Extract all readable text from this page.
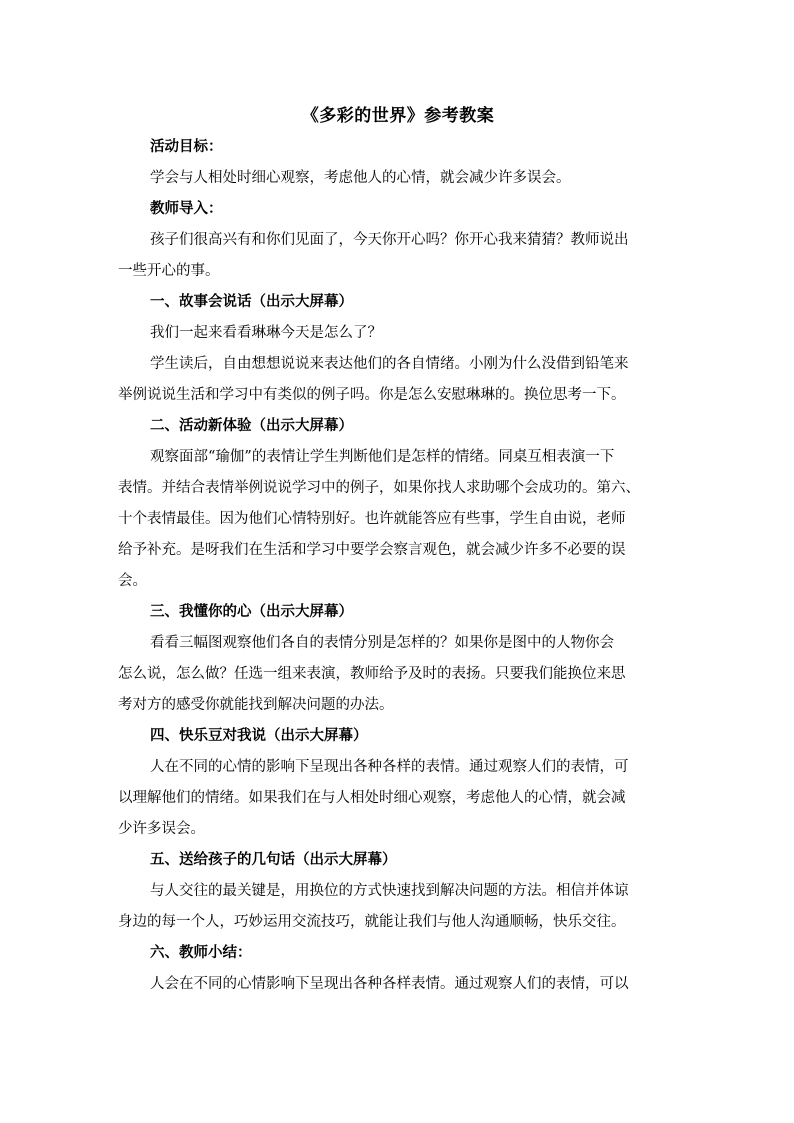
《多彩的世界》参考教案
活动目标：
学会与人相处时细心观察，考虑他人的心情，就会减少许多误会。
教师导入：
孩子们很高兴有和你们见面了，今天你开心吗？你开心我来猜猜？教师说出
一些开心的事。
一、故事会说话（出示大屏幕）
我们一起来看看琳琳今天是怎么了？
学生读后，自由想想说说来表达他们的各自情绪。小刚为什么没借到铅笔来
举例说说生活和学习中有类似的例子吗。你是怎么安慰琳琳的。换位思考一下。
二、活动新体验（出示大屏幕）
观察面部“瑜伽”的表情让学生判断他们是怎样的情绪。同桌互相表演一下
表情。并结合表情举例说说学习中的例子，如果你找人求助哪个会成功的。第六、
十个表情最佳。因为他们心情特别好。也许就能答应有些事，学生自由说，老师
给予补充。是呀我们在生活和学习中要学会察言观色，就会减少许多不必要的误
会。
三、我懂你的心（出示大屏幕）
看看三幅图观察他们各自的表情分别是怎样的？如果你是图中的人物你会
怎么说，怎么做？任选一组来表演，教师给予及时的表扬。只要我们能换位来思
考对方的感受你就能找到解决问题的办法。
四、快乐豆对我说（出示大屏幕）
人在不同的心情的影响下呈现出各种各样的表情。通过观察人们的表情，可
以理解他们的情绪。如果我们在与人相处时细心观察，考虑他人的心情，就会减
少许多误会。
五、送给孩子的几句话（出示大屏幕）
与人交往的最关键是，用换位的方式快速找到解决问题的方法。相信并体谅
身边的每一个人，巧妙运用交流技巧，就能让我们与他人沟通顺畅，快乐交往。
六、教师小结：
人会在不同的心情影响下呈现出各种各样表情。通过观察人们的表情，可以
